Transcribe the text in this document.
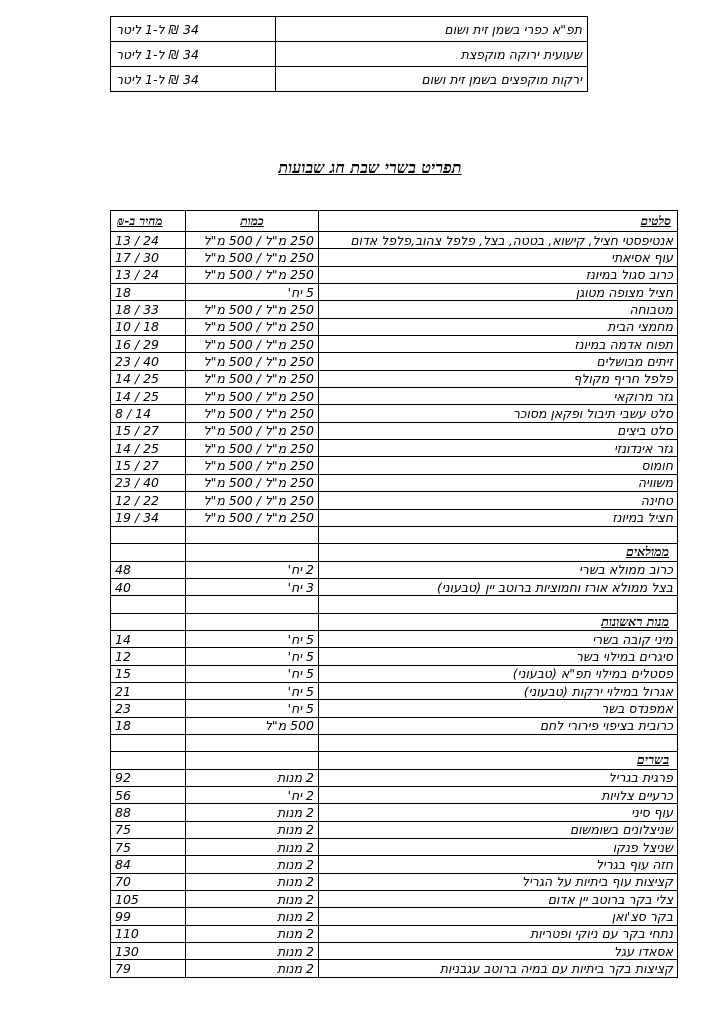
תפ"א כפרי בשמן זית ושום	34 ₪ ל-1 ליטר
שעועית ירוקה מוקפצת	34 ₪ ל-1 ליטר
ירקות מוקפצים בשמן זית ושום	34 ₪ ל-1 ליטר
תפריט בשרי שבת חג שבועות
סלטים	כמות	מחיר ב-₪
אנטיפסטי חציל, קישוא, בטטה, בצל, פלפל צהוב,פלפל אדום	250 מ"ל / 500 מ"ל	24 / 13
עוף אסיאתי	250 מ"ל / 500 מ"ל	30 / 17
כרוב סגול במיונז	250 מ"ל / 500 מ"ל	24 / 13
חציל מצופה מטוגן	5 יח'	18
מטבוחה	250 מ"ל / 500 מ"ל	33 / 18
מחמצי הבית	250 מ"ל / 500 מ"ל	18 / 10
תפוח אדמה במיונז	250 מ"ל / 500 מ"ל	29 / 16
זיתים מבושלים	250 מ"ל / 500 מ"ל	40 / 23
פלפל חריף מקולף	250 מ"ל / 500 מ"ל	25 / 14
גזר מרוקאי	250 מ"ל / 500 מ"ל	25 / 14
סלט עשבי תיבול ופקאן מסוכר	250 מ"ל / 500 מ"ל	14 / 8
סלט ביצים	250 מ"ל / 500 מ"ל	27 / 15
גזר אינדונזי	250 מ"ל / 500 מ"ל	25 / 14
חומוס	250 מ"ל / 500 מ"ל	27 / 15
משוויה	250 מ"ל / 500 מ"ל	40 / 23
טחינה	250 מ"ל / 500 מ"ל	22 / 12
חציל במיונז	250 מ"ל / 500 מ"ל	34 / 19

ממולאים		
כרוב ממולא בשרי	2 יח'	48
בצל ממולא אורז וחמוציות ברוטב יין (טבעוני)	3 יח'	40

מנות ראשונות		
מיני קובה בשרי	5 יח'	14
סיגרים במילוי בשר	5 יח'	12
פסטלים במילוי תפ"א (טבעוני)	5 יח'	15
אגרול במילוי ירקות (טבעוני)	5 יח'	21
אמפנדס בשר	5 יח'	23
כרובית בציפוי פירורי לחם	500 מ"ל	18

בשרים		
פרגית בגריל	2 מנות	92
כרעיים צלויות	2 יח'	56
עוף סיני	2 מנות	88
שניצלונים בשומשום	2 מנות	75
שניצל פנקו	2 מנות	75
חזה עוף בגריל	2 מנות	84
קציצות עוף ביתיות על הגריל	2 מנות	70
צלי בקר ברוטב יין אדום	2 מנות	105
בקר סצ'ואן	2 מנות	99
נתחי בקר עם ניוקי ופטריות	2 מנות	110
אסאדו עגל	2 מנות	130
קציצות בקר ביתיות עם במיה ברוטב עגבניות	2 מנות	79
